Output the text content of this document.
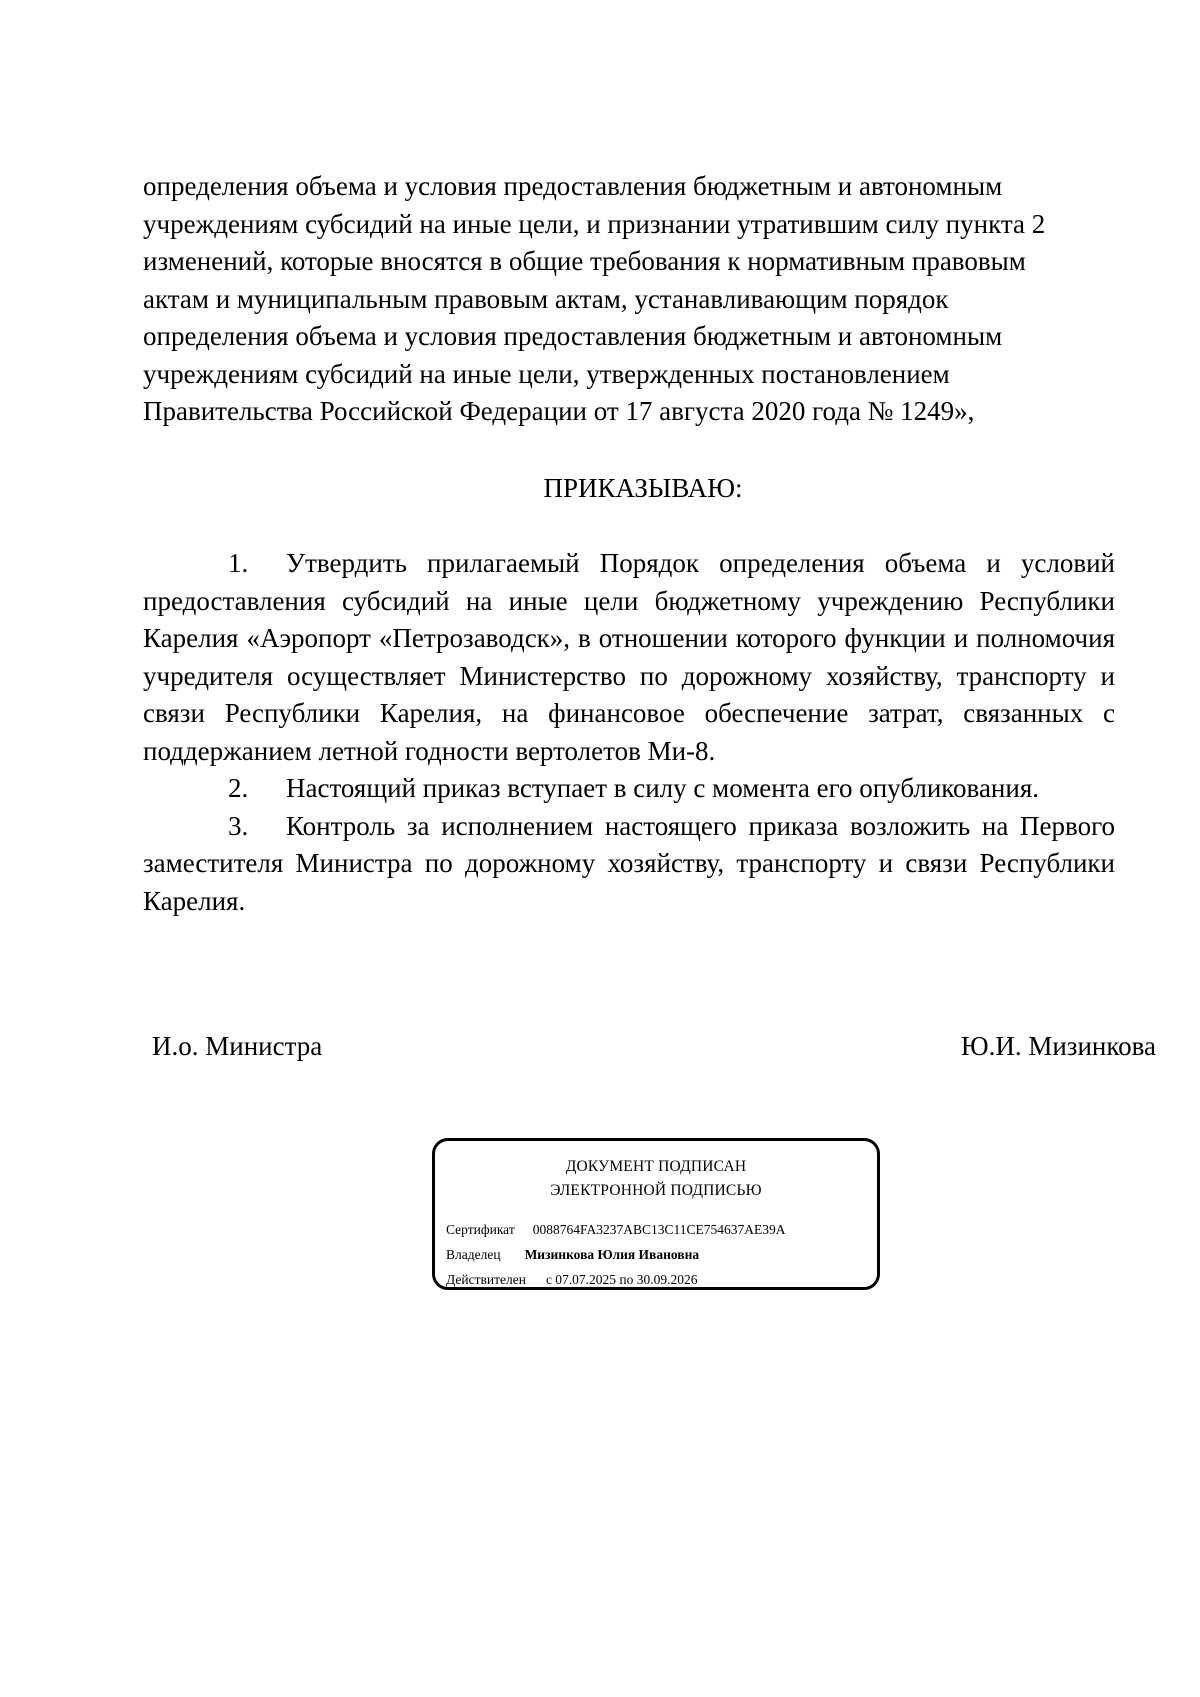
определения объема и условия предоставления бюджетным и автономным

учреждениям субсидий на иные цели, и признании утратившим силу пункта 2

изменений, которые вносятся в общие требования к нормативным правовым

актам и муниципальным правовым актам, устанавливающим порядок

определения объема и условия предоставления бюджетным и автономным

учреждениям субсидий на иные цели, утвержденных постановлением

Правительства Российской Федерации от 17 августа 2020 года № 1249»,

ПРИКАЗЫВАЮ:

1. Утвердить прилагаемый Порядок определения объема и условий предоставления субсидий на иные цели бюджетному учреждению Республики Карелия «Аэропорт «Петрозаводск», в отношении которого функции и полномочия учредителя осуществляет Министерство по дорожному хозяйству, транспорту и связи Республики Карелия, на финансовое обеспечение затрат, связанных с поддержанием летной годности вертолетов Ми-8.

2. Настоящий приказ вступает в силу с момента его опубликования.

3. Контроль за исполнением настоящего приказа возложить на Первого заместителя Министра по дорожному хозяйству, транспорту и связи Республики Карелия.

И.о. Министра	Ю.И. Мизинкова
ДОКУМЕНТ ПОДПИСАН
ЭЛЕКТРОННОЙ ПОДПИСЬЮ
Сертификат 0088764FA3237ABC13C11CE754637AE39A
Владелец Мизинкова Юлия Ивановна
Действителен с 07.07.2025 по 30.09.2026
